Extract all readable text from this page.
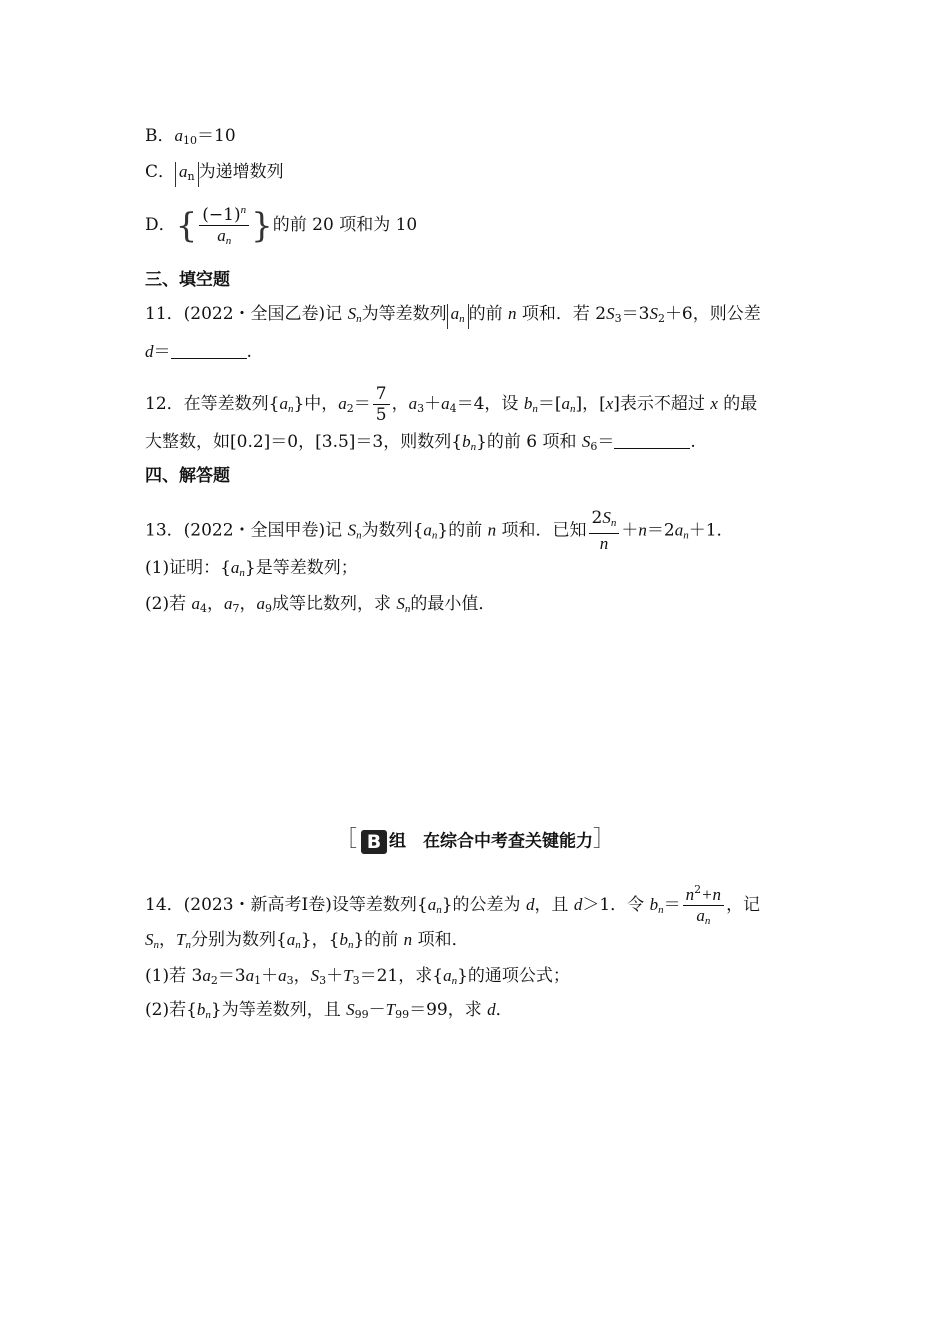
B．$a_{10}=10$
C． $a_n$ 为递增数列
D．{ $\frac{(-1)^n}{a_n}$ }的前 20 项和为 10
三、填空题
11．(2022・全国乙卷)记 $S_n$为等差数列 $a_n$ 的前 n 项和．若 $2S_3=3S_2+6$，则公差
d＝	.
12．在等差数列$\{a_n\}$中，$a_2= \frac{7}{5}$ ，$a_3+a_4=4$，设 $b_n=[a_n]$，[x]表示不超过 x 的最
大整数，如[0.2]＝0，[3.5]＝3，则数列$\{b_n\}$的前 6 项和 $S_6=$	.
四、解答题
13．(2022・全国甲卷)记 $S_n$为数列$\{a_n\}$的前 n 项和．已知 $\frac{2S_n}{n} +n=2a_n+1$．
(1)证明：$\{a_n\}$是等差数列；
(2)若 $a_4$，$a_7$，$a_9$成等比数列，求 $S_n$的最小值．
［ B 组　在综合中考查关键能力］
14．(2023・新高考Ⅰ卷)设等差数列$\{a_n\}$的公差为 d，且 d＞1．令 $b_n= \frac{n^2+n}{a_n}$ ，记
$S_n$，$T_n$分别为数列$\{a_n\}$，$\{b_n\}$的前 n 项和．
(1)若 $3a_2=3a_1+a_3$，$S_3+T_3=21$，求$\{a_n\}$的通项公式；
(2)若$\{b_n\}$为等差数列，且 $S_{99}-T_{99}=99$，求 d．
